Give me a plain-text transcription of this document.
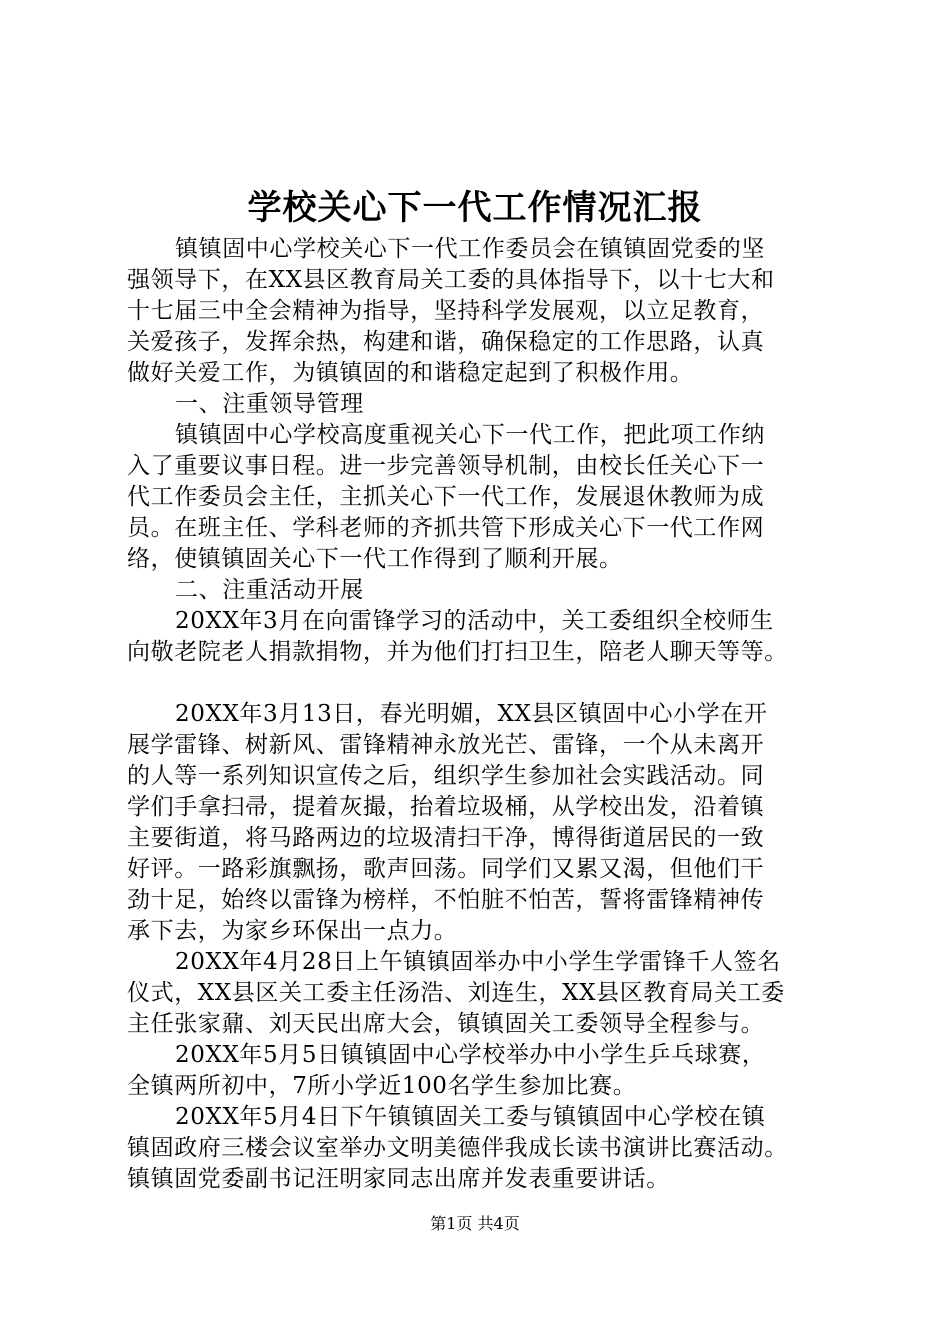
学校关心下一代工作情况汇报
镇镇固中心学校关心下一代工作委员会在镇镇固党委的坚
强领导下，在XX县区教育局关工委的具体指导下，以十七大和
十七届三中全会精神为指导，坚持科学发展观，以立足教育，
关爱孩子，发挥余热，构建和谐，确保稳定的工作思路，认真
做好关爱工作，为镇镇固的和谐稳定起到了积极作用。
一、注重领导管理
镇镇固中心学校高度重视关心下一代工作，把此项工作纳
入了重要议事日程。进一步完善领导机制，由校长任关心下一
代工作委员会主任，主抓关心下一代工作，发展退休教师为成
员。在班主任、学科老师的齐抓共管下形成关心下一代工作网
络，使镇镇固关心下一代工作得到了顺利开展。
二、注重活动开展
20XX年3月在向雷锋学习的活动中，关工委组织全校师生
向敬老院老人捐款捐物，并为他们打扫卫生，陪老人聊天等等。
20XX年3月13日，春光明媚，XX县区镇固中心小学在开
展学雷锋、树新风、雷锋精神永放光芒、雷锋，一个从未离开
的人等一系列知识宣传之后，组织学生参加社会实践活动。同
学们手拿扫帚，提着灰撮，抬着垃圾桶，从学校出发，沿着镇
主要街道，将马路两边的垃圾清扫干净，博得街道居民的一致
好评。一路彩旗飘扬，歌声回荡。同学们又累又渴，但他们干
劲十足，始终以雷锋为榜样，不怕脏不怕苦，誓将雷锋精神传
承下去，为家乡环保出一点力。
20XX年4月28日上午镇镇固举办中小学生学雷锋千人签名
仪式，XX县区关工委主任汤浩、刘连生，XX县区教育局关工委
主任张家鼐、刘天民出席大会，镇镇固关工委领导全程参与。
20XX年5月5日镇镇固中心学校举办中小学生乒乓球赛，
全镇两所初中，7所小学近100名学生参加比赛。
20XX年5月4日下午镇镇固关工委与镇镇固中心学校在镇
镇固政府三楼会议室举办文明美德伴我成长读书演讲比赛活动。
镇镇固党委副书记汪明家同志出席并发表重要讲话。
第1页 共4页
